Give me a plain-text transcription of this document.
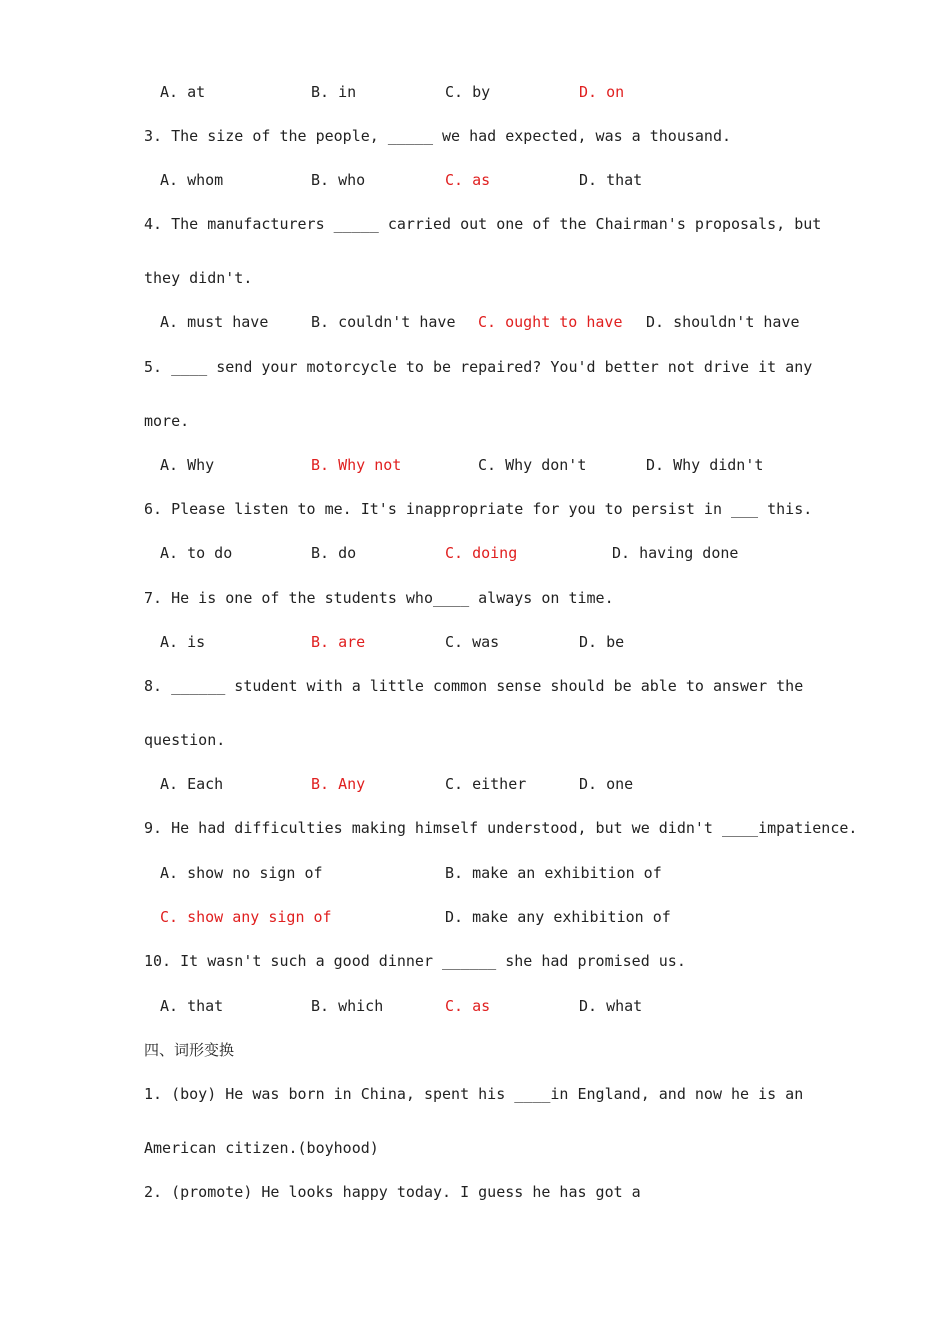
A. at	B. in	C. by	D. on
3. The size of the people, _____ we had expected, was a thousand.
A. whom	B. who	C. as	D. that
4. The manufacturers _____ carried out one of the Chairman's proposals, but
they didn't.
A. must have	B. couldn't have C. ought to have D. shouldn't have
5. ____ send your motorcycle to be repaired? You'd better not drive it any
more.
A. Why	B. Why not	C. Why don't	D. Why didn't
6. Please listen to me. It's inappropriate for you to persist in ___ this.
A. to do	B. do	C. doing	D. having done
7. He is one of the students who____ always on time.
A. is	B. are	C. was	D. be
8. ______ student with a little common sense should be able to answer the
question.
A. Each	B. Any	C. either	D. one
9. He had difficulties making himself understood, but we didn't ____impatience.
A. show no sign of	B. make an exhibition of
C. show any sign of	D. make any exhibition of
10. It wasn't such a good dinner ______ she had promised us.
A. that	B. which	C. as	D. what
四、词形变换
1. (boy) He was born in China, spent his ____in England, and now he is an
American citizen.(boyhood)
2. (promote) He looks happy today. I guess he has got a
